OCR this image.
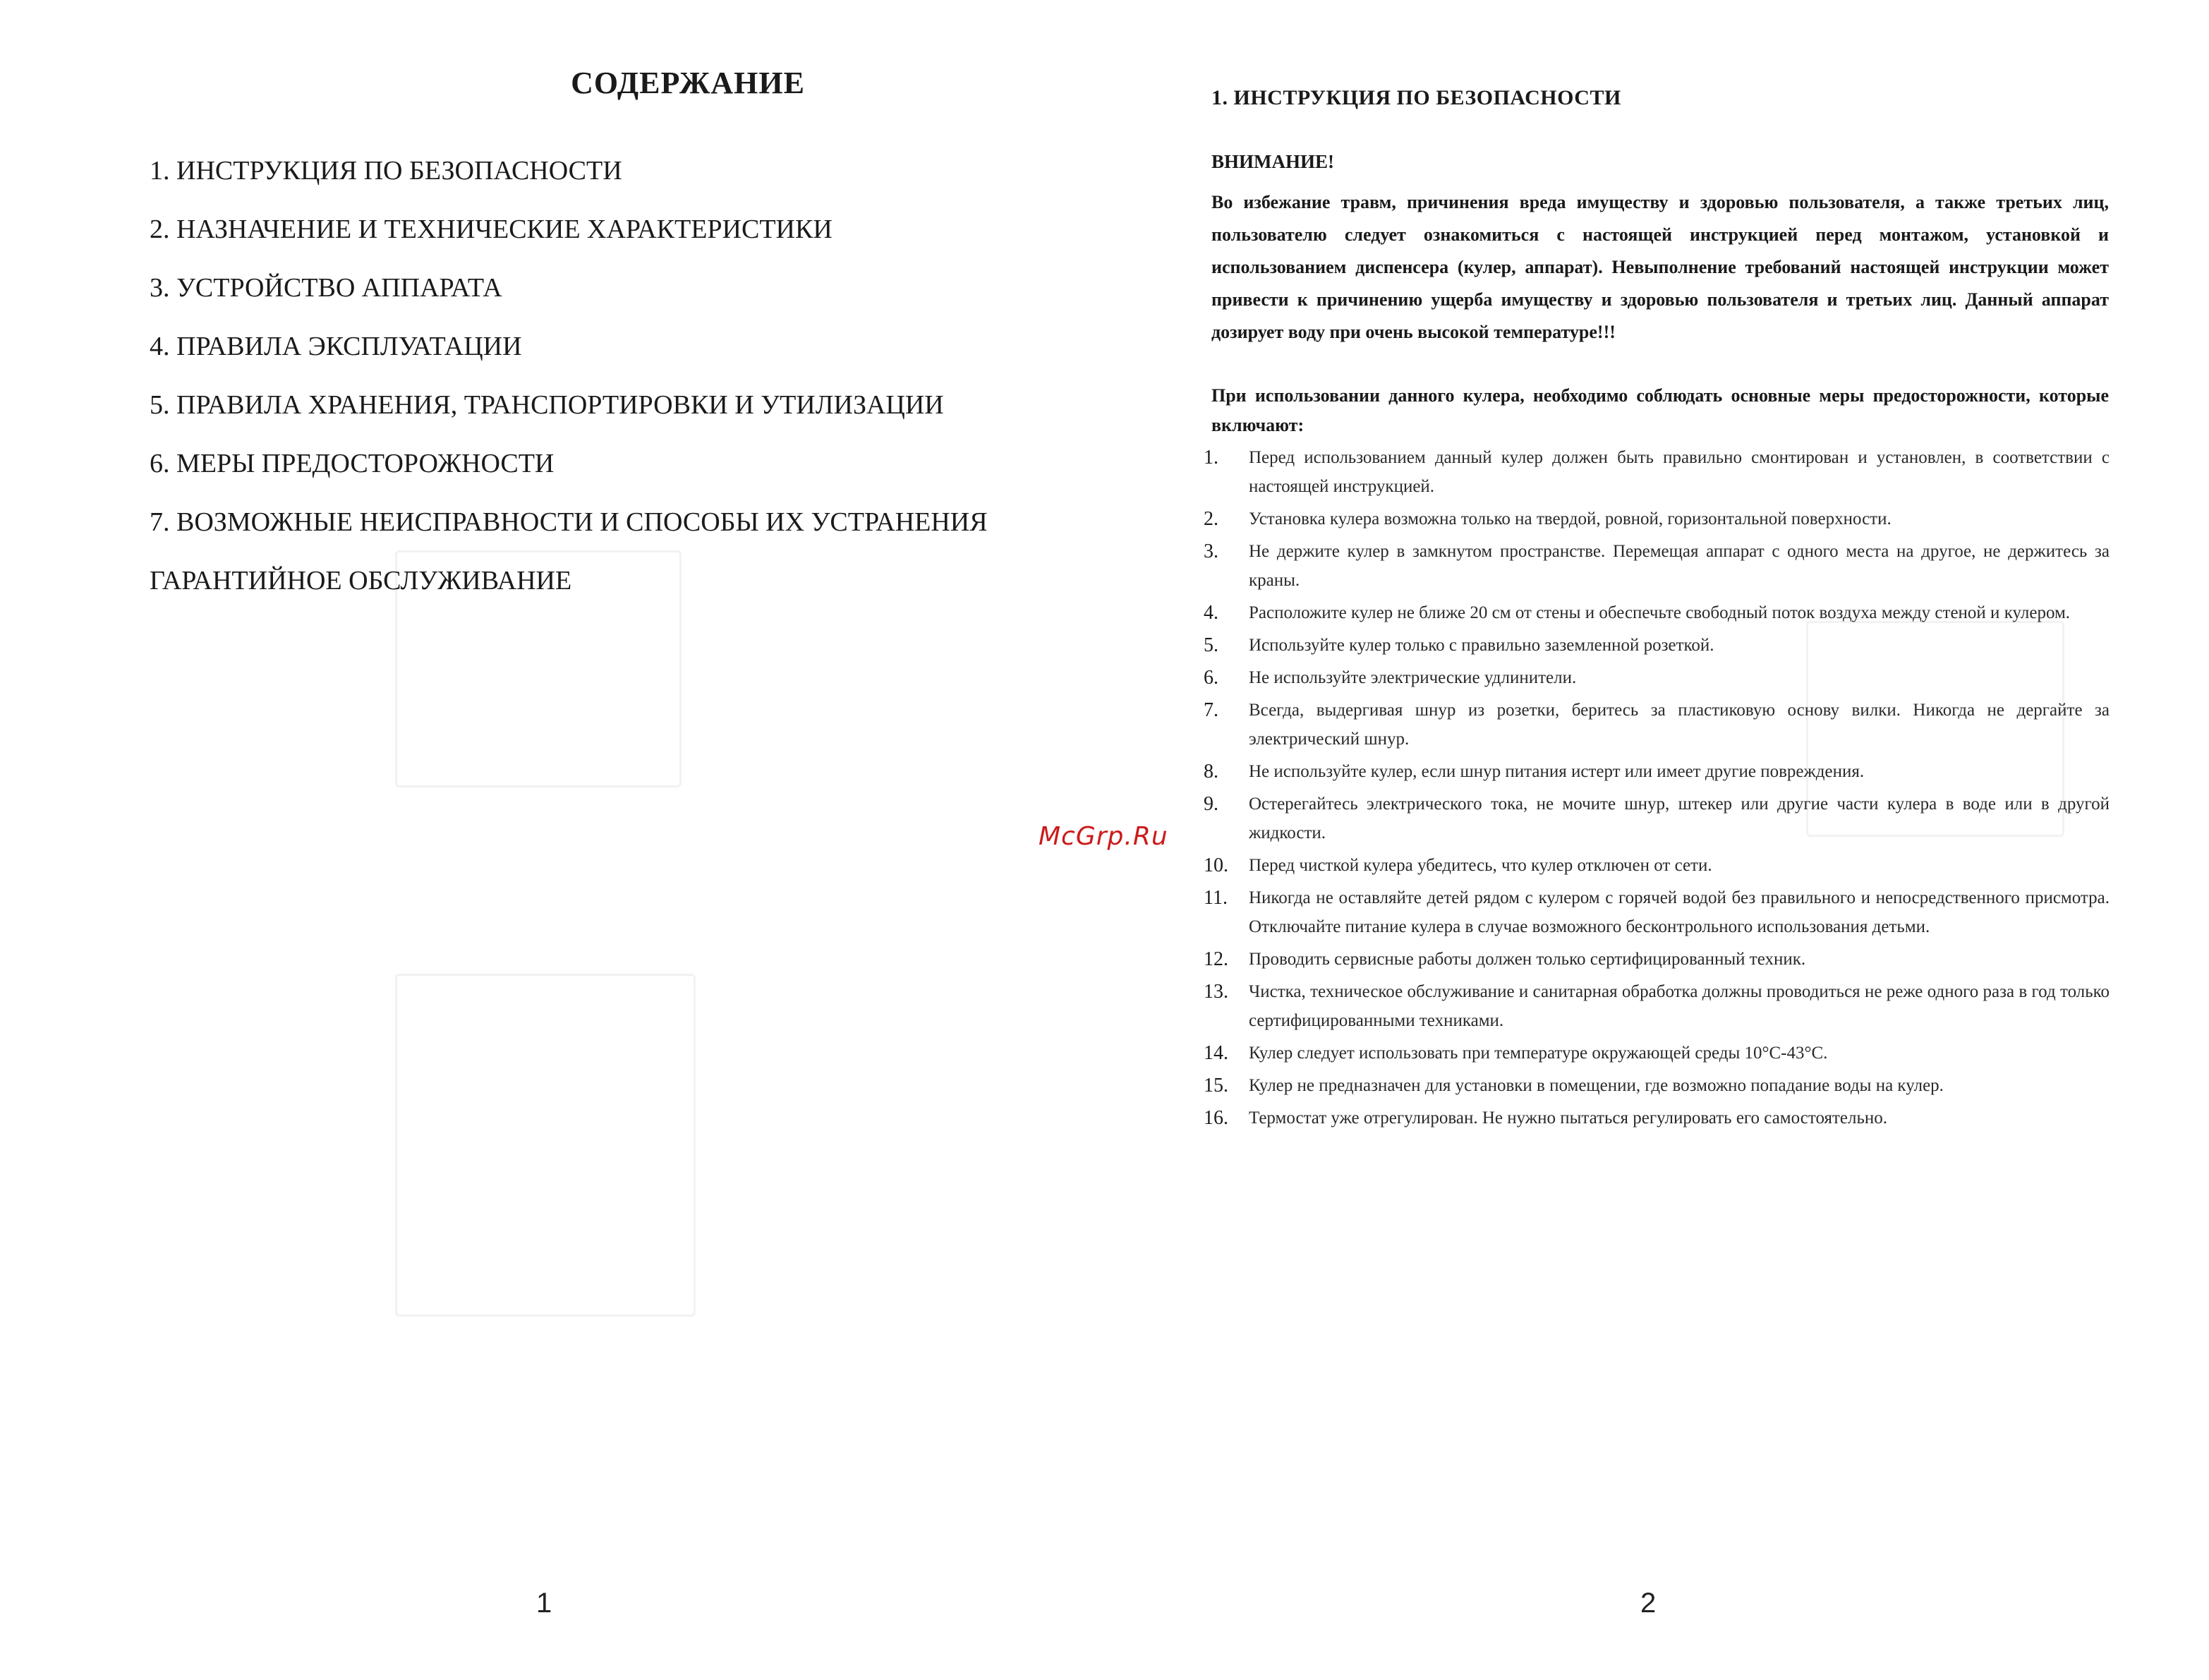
СОДЕРЖАНИЕ
1. ИНСТРУКЦИЯ ПО БЕЗОПАСНОСТИ
2. НАЗНАЧЕНИЕ И ТЕХНИЧЕСКИЕ ХАРАКТЕРИСТИКИ
3. УСТРОЙСТВО АППАРАТА
4. ПРАВИЛА ЭКСПЛУАТАЦИИ
5. ПРАВИЛА ХРАНЕНИЯ, ТРАНСПОРТИРОВКИ И УТИЛИЗАЦИИ
6. МЕРЫ ПРЕДОСТОРОЖНОСТИ
7. ВОЗМОЖНЫЕ НЕИСПРАВНОСТИ И СПОСОБЫ ИХ УСТРАНЕНИЯ
ГАРАНТИЙНОЕ ОБСЛУЖИВАНИЕ
1
McGrp.Ru
1. ИНСТРУКЦИЯ ПО БЕЗОПАСНОСТИ
ВНИМАНИЕ!

Во избежание травм, причинения вреда имуществу и здоровью пользователя, а также третьих лиц, пользователю следует ознакомиться с настоящей инструкцией перед монтажом, установкой и использованием диспенсера (кулер, аппарат). Невыполнение требований настоящей инструкции может привести к причинению ущерба имуществу и здоровью пользователя и третьих лиц. Данный аппарат дозирует воду при очень высокой температуре!!!

При использовании данного кулера, необходимо соблюдать основные меры предосторожности, которые включают:

1. Перед использованием данный кулер должен быть правильно смонтирован и установлен, в соответствии с настоящей инструкцией.
2. Установка кулера возможна только на твердой, ровной, горизонтальной поверхности.
3. Не держите кулер в замкнутом пространстве. Перемещая аппарат с одного места на другое, не держитесь за краны.
4. Расположите кулер не ближе 20 см от стены и обеспечьте свободный поток воздуха между стеной и кулером.
5. Используйте кулер только с правильно заземленной розеткой.
6. Не используйте электрические удлинители.
7. Всегда, выдергивая шнур из розетки, беритесь за пластиковую основу вилки. Никогда не дергайте за электрический шнур.
8. Не используйте кулер, если шнур питания истерт или имеет другие повреждения.
9. Остерегайтесь электрического тока, не мочите шнур, штекер или другие части кулера в воде или в другой жидкости.
10. Перед чисткой кулера убедитесь, что кулер отключен от сети.
11. Никогда не оставляйте детей рядом с кулером с горячей водой без правильного и непосредственного присмотра. Отключайте питание кулера в случае возможного бесконтрольного использования детьми.
12. Проводить сервисные работы должен только сертифицированный техник.
13. Чистка, техническое обслуживание и санитарная обработка должны проводиться не реже одного раза в год только сертифицированными техниками.
14. Кулер следует использовать при температуре окружающей среды 10°C-43°C.
15. Кулер не предназначен для установки в помещении, где возможно попадание воды на кулер.
16. Термостат уже отрегулирован. Не нужно пытаться регулировать его самостоятельно.
2
